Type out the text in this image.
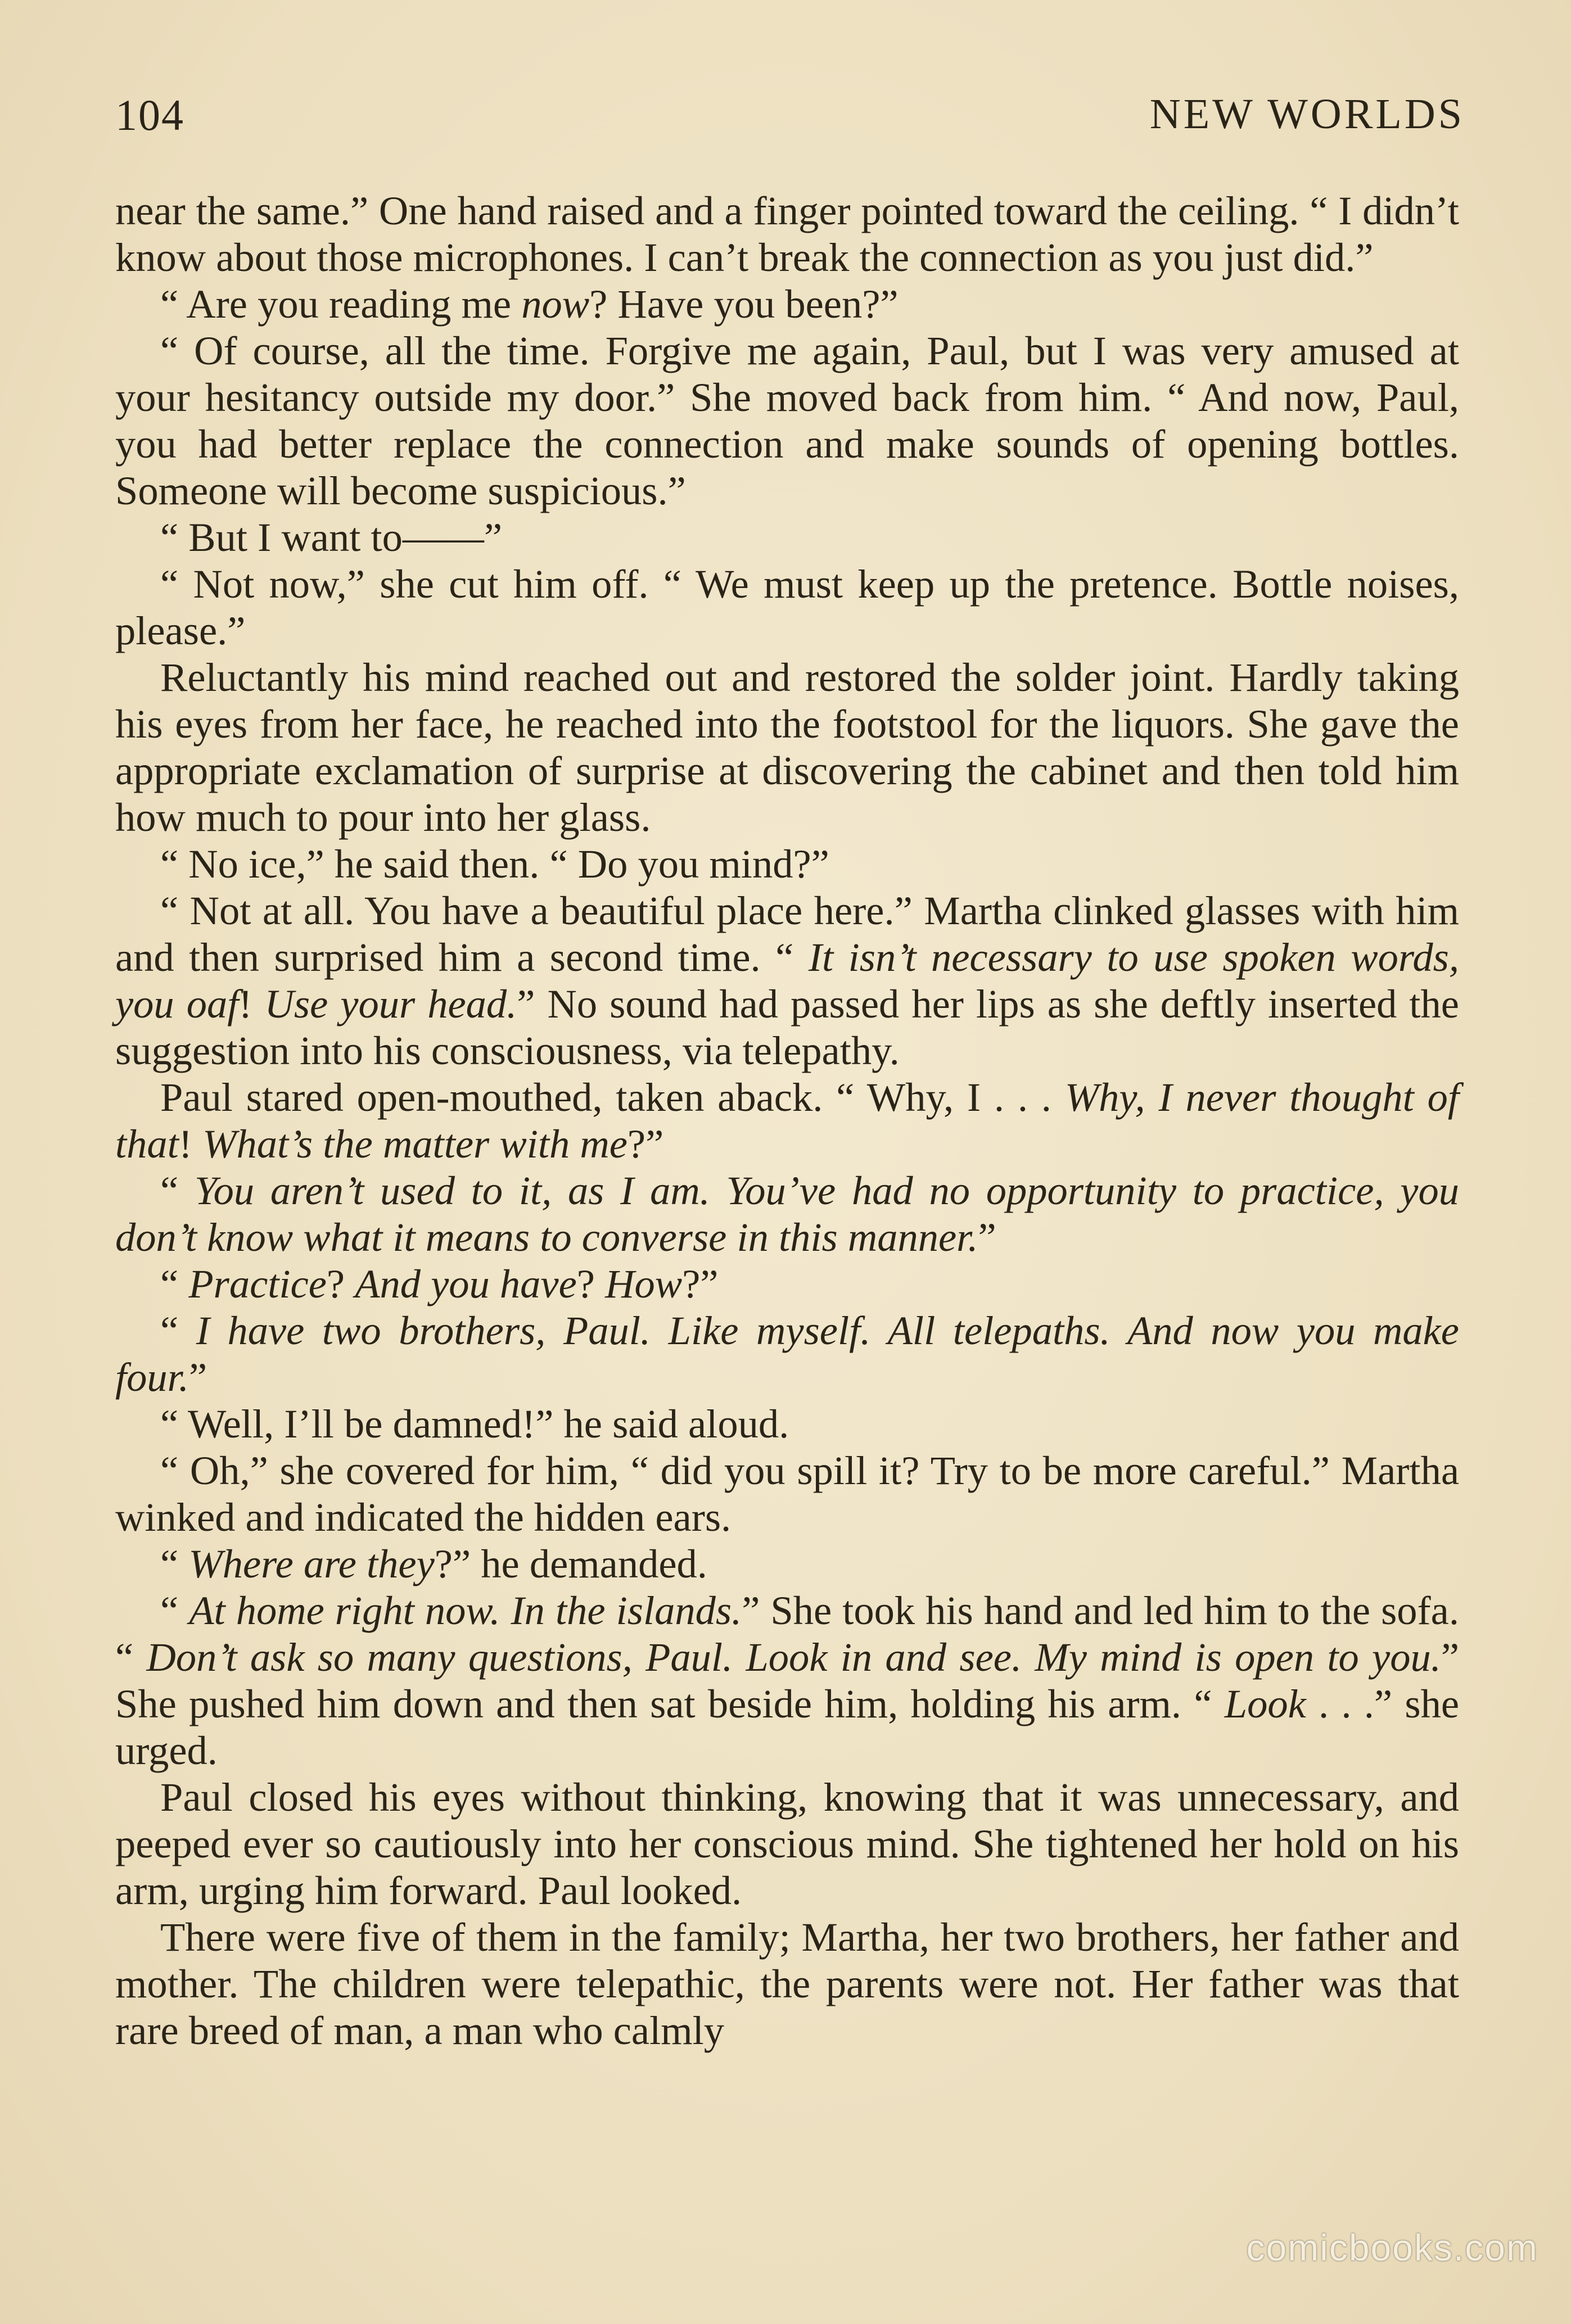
104	NEW WORLDS

near the same.” One hand raised and a finger pointed toward the ceiling. “ I didn’t know about those microphones. I can’t break the connection as you just did.”

“ Are you reading me now? Have you been?”

“ Of course, all the time. Forgive me again, Paul, but I was very amused at your hesitancy outside my door.” She moved back from him. “ And now, Paul, you had better replace the connection and make sounds of opening bottles. Someone will become suspicious.”

“ But I want to——”

“ Not now,” she cut him off. “ We must keep up the pretence. Bottle noises, please.”

Reluctantly his mind reached out and restored the solder joint. Hardly taking his eyes from her face, he reached into the footstool for the liquors. She gave the appropriate exclamation of surprise at discovering the cabinet and then told him how much to pour into her glass.

“ No ice,” he said then. “ Do you mind?”

“ Not at all. You have a beautiful place here.” Martha clinked glasses with him and then surprised him a second time. “ It isn’t necessary to use spoken words, you oaf! Use your head.” No sound had passed her lips as she deftly inserted the suggestion into his consciousness, via telepathy.

Paul stared open-mouthed, taken aback. “ Why, I . . . Why, I never thought of that! What’s the matter with me?”

“ You aren’t used to it, as I am. You’ve had no opportunity to practice, you don’t know what it means to converse in this manner.”

“ Practice? And you have? How?”

“ I have two brothers, Paul. Like myself. All telepaths. And now you make four.”

“ Well, I’ll be damned!” he said aloud.

“ Oh,” she covered for him, “ did you spill it? Try to be more careful.” Martha winked and indicated the hidden ears.

“ Where are they?” he demanded.

“ At home right now. In the islands.” She took his hand and led him to the sofa. “ Don’t ask so many questions, Paul. Look in and see. My mind is open to you.” She pushed him down and then sat beside him, holding his arm. “ Look . . .” she urged.

Paul closed his eyes without thinking, knowing that it was unnecessary, and peeped ever so cautiously into her conscious mind. She tightened her hold on his arm, urging him forward. Paul looked.

There were five of them in the family; Martha, her two brothers, her father and mother. The children were telepathic, the parents were not. Her father was that rare breed of man, a man who calmly

comicbooks.com
